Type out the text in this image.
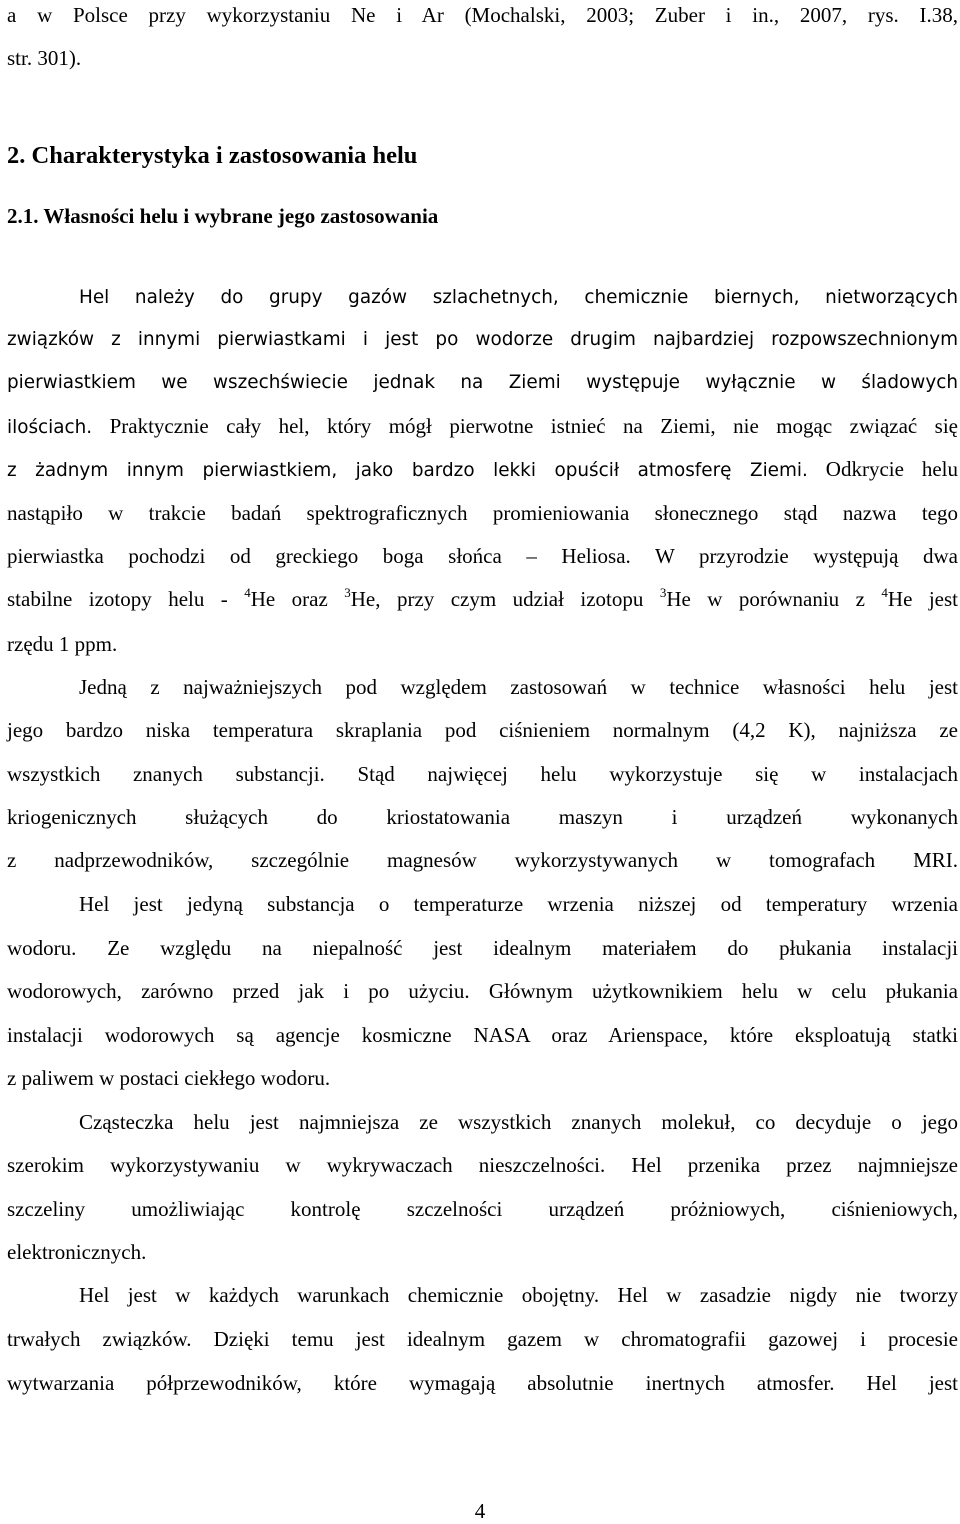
a w Polsce przy wykorzystaniu Ne i Ar (Mochalski, 2003; Zuber i in., 2007, rys. I.38,
str. 301).
2. Charakterystyka i zastosowania helu
2.1. Własności helu i wybrane jego zastosowania
Hel należy do grupy gazów szlachetnych, chemicznie biernych, nietworzących
związków z innymi pierwiastkami i jest po wodorze drugim najbardziej rozpowszechnionym
pierwiastkiem we wszechświecie jednak na Ziemi występuje wyłącznie w śladowych
ilościach. Praktycznie cały hel, który mógł pierwotne istnieć na Ziemi, nie mogąc związać się
z żadnym innym pierwiastkiem, jako bardzo lekki opuścił atmosferę Ziemi. Odkrycie helu
nastąpiło w trakcie badań spektrograficznych promieniowania słonecznego stąd nazwa tego
pierwiastka pochodzi od greckiego boga słońca – Heliosa. W przyrodzie występują dwa
stabilne izotopy helu - $^4$He oraz $^3$He, przy czym udział izotopu $^3$He w porównaniu z $^4$He jest
rzędu 1 ppm.
Jedną z najważniejszych pod względem zastosowań w technice własności helu jest
jego bardzo niska temperatura skraplania pod ciśnieniem normalnym (4,2 K), najniższa ze
wszystkich znanych substancji. Stąd najwięcej helu wykorzystuje się w instalacjach
kriogenicznych służących do kriostatowania maszyn i urządzeń wykonanych
z nadprzewodników, szczególnie magnesów wykorzystywanych w tomografach MRI.
Hel jest jedyną substancja o temperaturze wrzenia niższej od temperatury wrzenia
wodoru. Ze względu na niepalność jest idealnym materiałem do płukania instalacji
wodorowych, zarówno przed jak i po użyciu. Głównym użytkownikiem helu w celu płukania
instalacji wodorowych są agencje kosmiczne NASA oraz Arienspace, które eksploatują statki
z paliwem w postaci ciekłego wodoru.
Cząsteczka helu jest najmniejsza ze wszystkich znanych molekuł, co decyduje o jego
szerokim wykorzystywaniu w wykrywaczach nieszczelności. Hel przenika przez najmniejsze
szczeliny umożliwiając kontrolę szczelności urządzeń próżniowych, ciśnieniowych,
elektronicznych.
Hel jest w każdych warunkach chemicznie obojętny. Hel w zasadzie nigdy nie tworzy
trwałych związków. Dzięki temu jest idealnym gazem w chromatografii gazowej i procesie
wytwarzania półprzewodników, które wymagają absolutnie inertnych atmosfer. Hel jest
4
